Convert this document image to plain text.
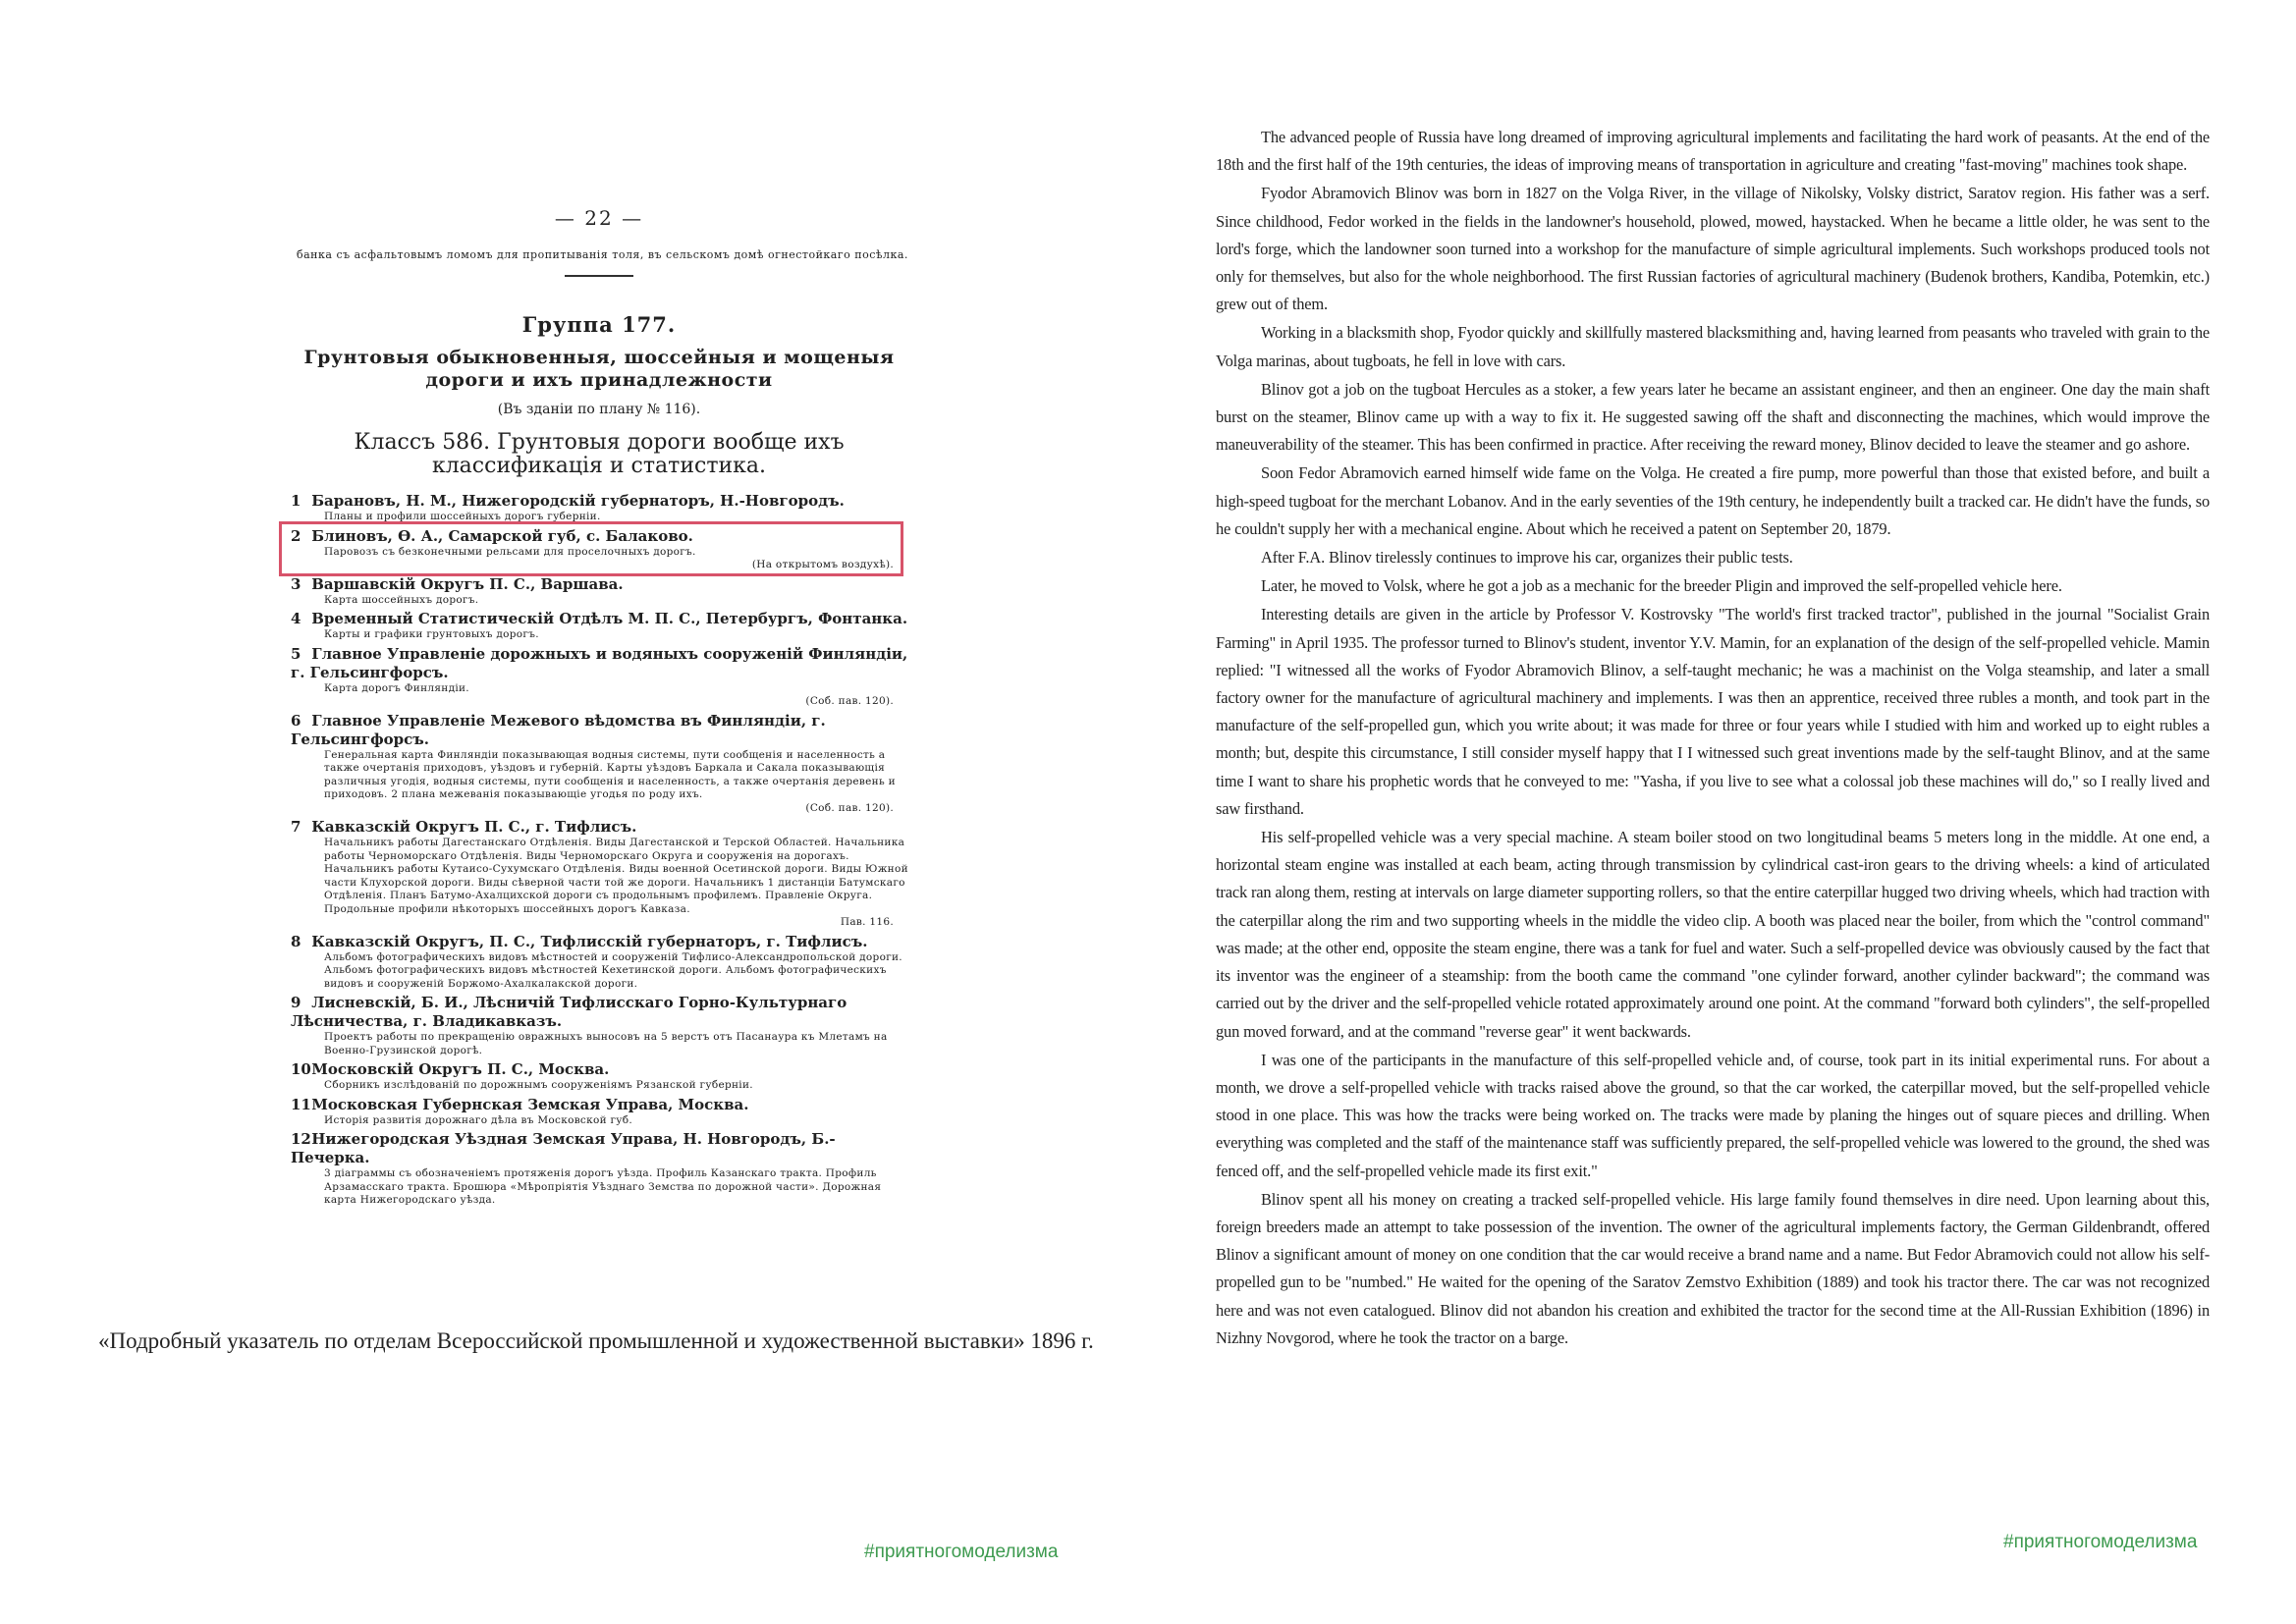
— 22 —
банка съ асфальтовымъ ломомъ для пропитыванія толя, въ сельскомъ домѣ огнестойкаго посѣлка.
Группа 177.
Грунтовыя обыкновенныя, шоссейныя и мощеныя дороги и ихъ принадлежности
(Въ зданіи по плану № 116).
Классъ 586. Грунтовыя дороги вообще ихъ классификація и статистика.
1 Барановъ, Н. М., Нижегородскій губернаторъ, Н.-Новгородъ.
Планы и профили шоссейныхъ дорогъ губерніи.
2 Блиновъ, Ѳ. А., Самарской губ, с. Балаково.
Паровозъ съ безконечными рельсами для проселочныхъ дорогъ.
(На открытомъ воздухѣ).
3 Варшавскій Округъ П. С., Варшава.
Карта шоссейныхъ дорогъ.
4 Временный Статистическій Отдѣлъ М. П. С., Петербургъ, Фонтанка.
Карты и графики грунтовыхъ дорогъ.
5 Главное Управленіе дорожныхъ и водяныхъ сооруженій Финляндіи, г. Гельсингфорсъ.
Карта дорогъ Финляндіи.
(Соб. пав. 120).
6 Главное Управленіе Межевого вѣдомства въ Финляндіи, г. Гельсингфорсъ.
Генеральная карта Финляндіи показывающая водныя системы, пути сообщенія и населенность а также очертанія приходовъ, уѣздовъ и губерній. Карты уѣздовъ Баркала и Сакала показывающія различныя угодія, водныя системы, пути сообщенія и населенность, а также очертанія деревень и приходовъ. 2 плана межеванія показывающіе угодья по роду ихъ.
(Соб. пав. 120).
7 Кавказскій Округъ П. С., г. Тифлисъ.
Начальникъ работы Дагестанскаго Отдѣленія. Виды Дагестанской и Терской Областей. Начальника работы Черноморскаго Отдѣленія. Виды Черноморскаго Округа и сооруженія на дорогахъ. Начальникъ работы Кутаисо-Сухумскаго Отдѣленія. Виды военной Осетинской дороги. Виды Южной части Клухорской дороги. Виды сѣверной части той же дороги. Начальникъ 1 дистанціи Батумскаго Отдѣленія. Планъ Батумо-Ахалцихской дороги съ продольнымъ профилемъ. Правленіе Округа. Продольные профили нѣкоторыхъ шоссейныхъ дорогъ Кавказа.
Пав. 116.
8 Кавказскій Округъ, П. С., Тифлисскій губернаторъ, г. Тифлисъ.
Альбомъ фотографическихъ видовъ мѣстностей и сооруженій Тифлисо-Александропольской дороги. Альбомъ фотографическихъ видовъ мѣстностей Кехетинской дороги. Альбомъ фотографическихъ видовъ и сооруженій Боржомо-Ахалкалакской дороги.
9 Лисневскій, Б. И., Лѣсничій Тифлисскаго Горно-Культурнаго Лѣсничества, г. Владикавказъ.
Проектъ работы по прекращенію овражныхъ выносовъ на 5 верстъ отъ Пасанаура къ Млетамъ на Военно-Грузинской дорогѣ.
10 Московскій Округъ П. С., Москва.
Сборникъ изслѣдованій по дорожнымъ сооруженіямъ Рязанской губерніи.
11 Московская Губернская Земская Управа, Москва.
Исторія развитія дорожнаго дѣла въ Московской губ.
12 Нижегородская Уѣздная Земская Управа, Н. Новгородъ, Б.-Печерка.
3 діаграммы съ обозначеніемъ протяженія дорогъ уѣзда. Профиль Казанскаго тракта. Профиль Арзамасскаго тракта. Брошюра «Мѣропріятія Уѣзднаго Земства по дорожной части». Дорожная карта Нижегородскаго уѣзда.
«Подробный указатель по отделам Всероссийской промышленной и художественной выставки» 1896 г.
#приятногомоделизма

The advanced people of Russia have long dreamed of improving agricultural implements and facilitating the hard work of peasants. At the end of the 18th and the first half of the 19th centuries, the ideas of improving means of transportation in agriculture and creating "fast-moving" machines took shape.

Fyodor Abramovich Blinov was born in 1827 on the Volga River, in the village of Nikolsky, Volsky district, Saratov region. His father was a serf. Since childhood, Fedor worked in the fields in the landowner's household, plowed, mowed, haystacked. When he became a little older, he was sent to the lord's forge, which the landowner soon turned into a workshop for the manufacture of simple agricultural implements. Such workshops produced tools not only for themselves, but also for the whole neighborhood. The first Russian factories of agricultural machinery (Budenok brothers, Kandiba, Potemkin, etc.) grew out of them.

Working in a blacksmith shop, Fyodor quickly and skillfully mastered blacksmithing and, having learned from peasants who traveled with grain to the Volga marinas, about tugboats, he fell in love with cars.

Blinov got a job on the tugboat Hercules as a stoker, a few years later he became an assistant engineer, and then an engineer. One day the main shaft burst on the steamer, Blinov came up with a way to fix it. He suggested sawing off the shaft and disconnecting the machines, which would improve the maneuverability of the steamer. This has been confirmed in practice. After receiving the reward money, Blinov decided to leave the steamer and go ashore.

Soon Fedor Abramovich earned himself wide fame on the Volga. He created a fire pump, more powerful than those that existed before, and built a high-speed tugboat for the merchant Lobanov. And in the early seventies of the 19th century, he independently built a tracked car. He didn't have the funds, so he couldn't supply her with a mechanical engine. About which he received a patent on September 20, 1879.

After F.A. Blinov tirelessly continues to improve his car, organizes their public tests.

Later, he moved to Volsk, where he got a job as a mechanic for the breeder Pligin and improved the self-propelled vehicle here.

Interesting details are given in the article by Professor V. Kostrovsky "The world's first tracked tractor", published in the journal "Socialist Grain Farming" in April 1935. The professor turned to Blinov's student, inventor Y.V. Mamin, for an explanation of the design of the self-propelled vehicle. Mamin replied: "I witnessed all the works of Fyodor Abramovich Blinov, a self-taught mechanic; he was a machinist on the Volga steamship, and later a small factory owner for the manufacture of agricultural machinery and implements. I was then an apprentice, received three rubles a month, and took part in the manufacture of the self-propelled gun, which you write about; it was made for three or four years while I studied with him and worked up to eight rubles a month; but, despite this circumstance, I still consider myself happy that I I witnessed such great inventions made by the self-taught Blinov, and at the same time I want to share his prophetic words that he conveyed to me: "Yasha, if you live to see what a colossal job these machines will do," so I really lived and saw firsthand.

His self-propelled vehicle was a very special machine. A steam boiler stood on two longitudinal beams 5 meters long in the middle. At one end, a horizontal steam engine was installed at each beam, acting through transmission by cylindrical cast-iron gears to the driving wheels: a kind of articulated track ran along them, resting at intervals on large diameter supporting rollers, so that the entire caterpillar hugged two driving wheels, which had traction with the caterpillar along the rim and two supporting wheels in the middle the video clip. A booth was placed near the boiler, from which the "control command" was made; at the other end, opposite the steam engine, there was a tank for fuel and water. Such a self-propelled device was obviously caused by the fact that its inventor was the engineer of a steamship: from the booth came the command "one cylinder forward, another cylinder backward"; the command was carried out by the driver and the self-propelled vehicle rotated approximately around one point. At the command "forward both cylinders", the self-propelled gun moved forward, and at the command "reverse gear" it went backwards.

I was one of the participants in the manufacture of this self-propelled vehicle and, of course, took part in its initial experimental runs. For about a month, we drove a self-propelled vehicle with tracks raised above the ground, so that the car worked, the caterpillar moved, but the self-propelled vehicle stood in one place. This was how the tracks were being worked on. The tracks were made by planing the hinges out of square pieces and drilling. When everything was completed and the staff of the maintenance staff was sufficiently prepared, the self-propelled vehicle was lowered to the ground, the shed was fenced off, and the self-propelled vehicle made its first exit."

Blinov spent all his money on creating a tracked self-propelled vehicle. His large family found themselves in dire need. Upon learning about this, foreign breeders made an attempt to take possession of the invention. The owner of the agricultural implements factory, the German Gildenbrandt, offered Blinov a significant amount of money on one condition that the car would receive a brand name and a name. But Fedor Abramovich could not allow his self-propelled gun to be "numbed." He waited for the opening of the Saratov Zemstvo Exhibition (1889) and took his tractor there. The car was not recognized here and was not even catalogued. Blinov did not abandon his creation and exhibited the tractor for the second time at the All-Russian Exhibition (1896) in Nizhny Novgorod, where he took the tractor on a barge.

#приятногомоделизма
